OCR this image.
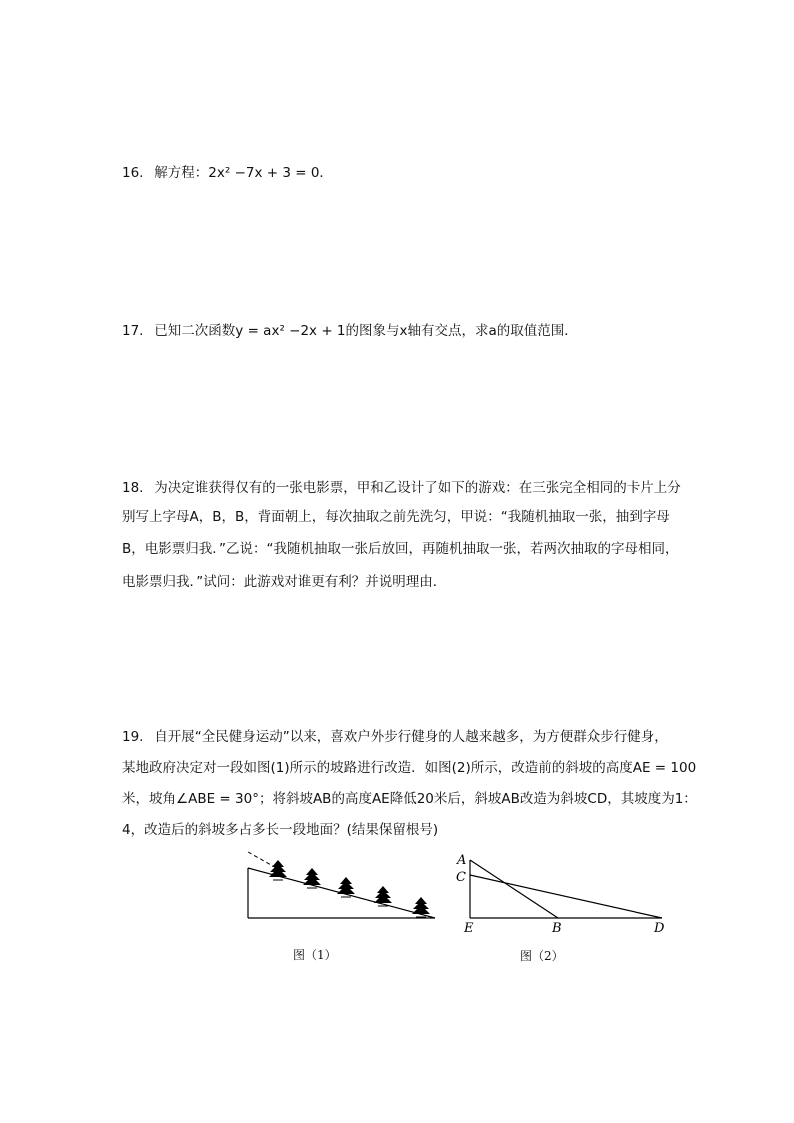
16. 解方程：2x² −7x + 3 = 0．
17. 已知二次函数y = ax² −2x + 1的图象与x轴有交点，求a的取值范围．
18. 为决定谁获得仅有的一张电影票，甲和乙设计了如下的游戏：在三张完全相同的卡片上分
别写上字母A，B，B，背面朝上，每次抽取之前先洗匀，甲说：“我随机抽取一张，抽到字母
B，电影票归我．”乙说：“我随机抽取一张后放回，再随机抽取一张，若两次抽取的字母相同，
电影票归我．”试问：此游戏对谁更有利？并说明理由．
19. 自开展“全民健身运动”以来，喜欢户外步行健身的人越来越多，为方便群众步行健身，
某地政府决定对一段如图(1)所示的坡路进行改造．如图(2)所示，改造前的斜坡的高度AE = 100
米，坡角∠ABE = 30°；将斜坡AB的高度AE降低20米后，斜坡AB改造为斜坡CD，其坡度为1：
4，改造后的斜坡多占多长一段地面？(结果保留根号)
图（1）
A
C
E	B	D
图（2）
